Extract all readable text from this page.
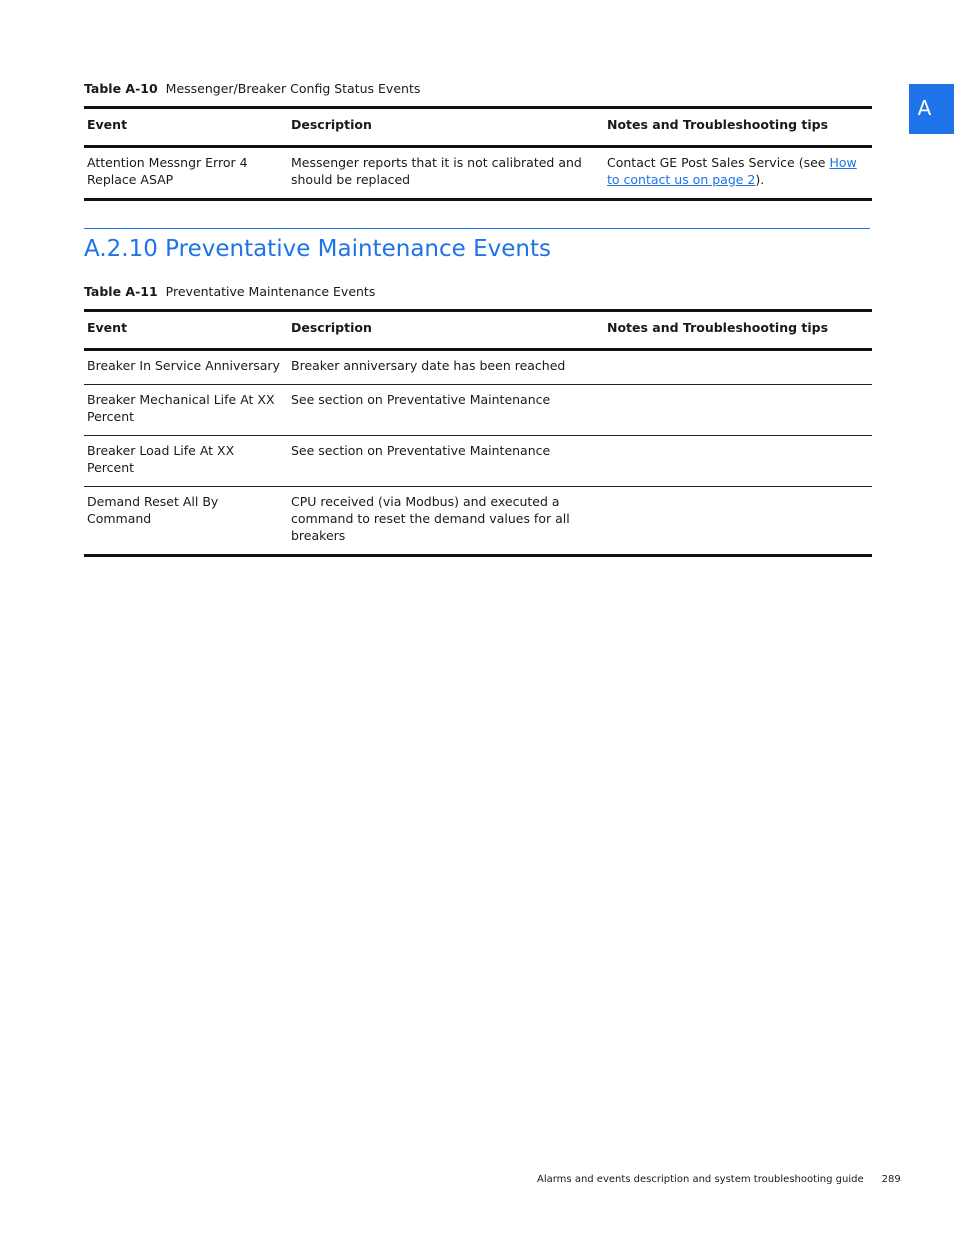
A
Table A-10 Messenger/Breaker Config Status Events
Event	Description	Notes and Troubleshooting tips
Attention Messngr Error 4 Replace ASAP	Messenger reports that it is not calibrated and should be replaced	Contact GE Post Sales Service (see How to contact us on page 2).
A.2.10 Preventative Maintenance Events
Table A-11 Preventative Maintenance Events
Event	Description	Notes and Troubleshooting tips
Breaker In Service Anniversary	Breaker anniversary date has been reached	
Breaker Mechanical Life At XX Percent	See section on Preventative Maintenance	
Breaker Load Life At XX Percent	See section on Preventative Maintenance	
Demand Reset All By Command	CPU received (via Modbus) and executed a command to reset the demand values for all breakers	
Alarms and events description and system troubleshooting guide 289
